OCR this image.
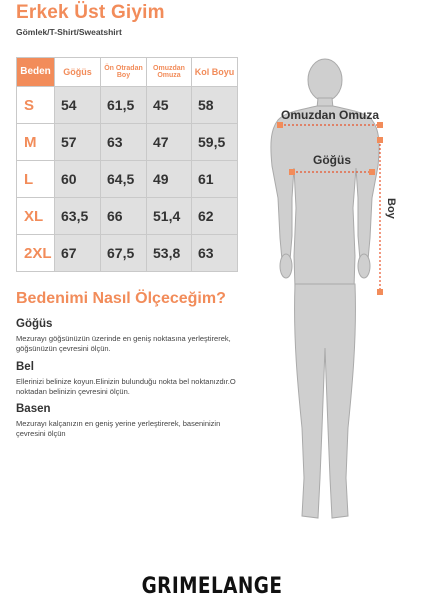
Erkek Üst Giyim
Gömlek/T-Shirt/Sweatshirt
Beden	Göğüs	Ön Otradan Boy	Omuzdan Omuza	Kol Boyu
S	54	61,5	45	58
M	57	63	47	59,5
L	60	64,5	49	61
XL	63,5	66	51,4	62
2XL	67	67,5	53,8	63
Bedenimi Nasıl Ölçeceğim?
Göğüs
Mezurayı göğsünüzün üzerinde en geniş noktasına yerleştirerek, göğsünüzün çevresini ölçün.
Bel
Ellerinizi belinize koyun.Elinizin bulunduğu nokta bel noktanızdır.O noktadan belinizin çevresini ölçün.
Basen
Mezurayı kalçanızın en geniş yerine yerleştirerek, baseninizin çevresini ölçün
Omuzdan Omuza
Göğüs
Boy
GRIMELANGE
